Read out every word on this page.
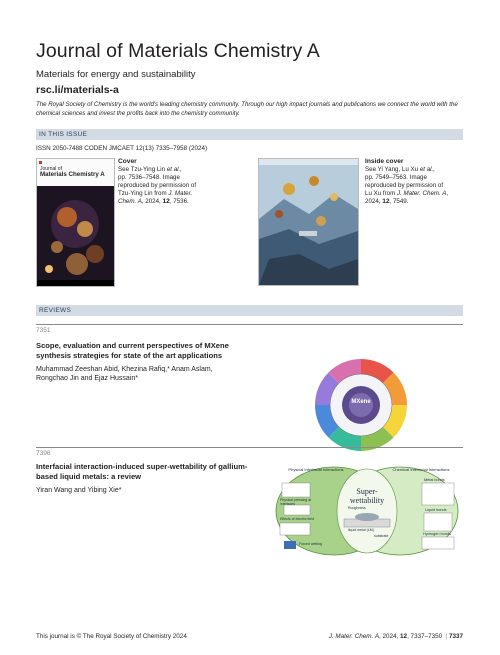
Journal of Materials Chemistry A
Materials for energy and sustainability
rsc.li/materials-a
The Royal Society of Chemistry is the world's leading chemistry community. Through our high impact journals and publications we connect the world with the chemical sciences and invest the profits back into the chemistry community.
IN THIS ISSUE
ISSN 2050-7488 CODEN JMCAET 12(13) 7335–7958 (2024)
Journal of
Materials Chemistry A
Cover
See Tzu-Ying Lin et al.,
pp. 7536–7548. Image
reproduced by permission of
Tzu-Ying Lin from J. Mater.
Chem. A, 2024, 12, 7536.
Inside cover
See Yi Yang, Lu Xu et al.,
pp. 7549–7563. Image
reproduced by permission of
Lu Xu from J. Mater. Chem. A,
2024, 12, 7549.
REVIEWS
7351
Scope, evaluation and current perspectives of MXene synthesis strategies for state of the art applications
Muhammad Zeeshan Abid, Khezina Rafiq,* Anam Aslam,
Rongchao Jin and Ejaz Hussain*
MXene
7396
Interfacial interaction-induced super-wettability of gallium-based liquid metals: a review
Yiran Wang and Yibing Xie*	Super-wettability
Physical Interfacial Interactions	Chemical Interfacial Interactions
Metal bonds
Liquid bonds
Hydrogen bonds
Physical pressing at interfaces
Effects of electric field
Forced wetting
Roughness
liquid metal (LM)
substrate
This journal is © The Royal Society of Chemistry 2024	J. Mater. Chem. A, 2024, 12, 7337–7350  | 7337
